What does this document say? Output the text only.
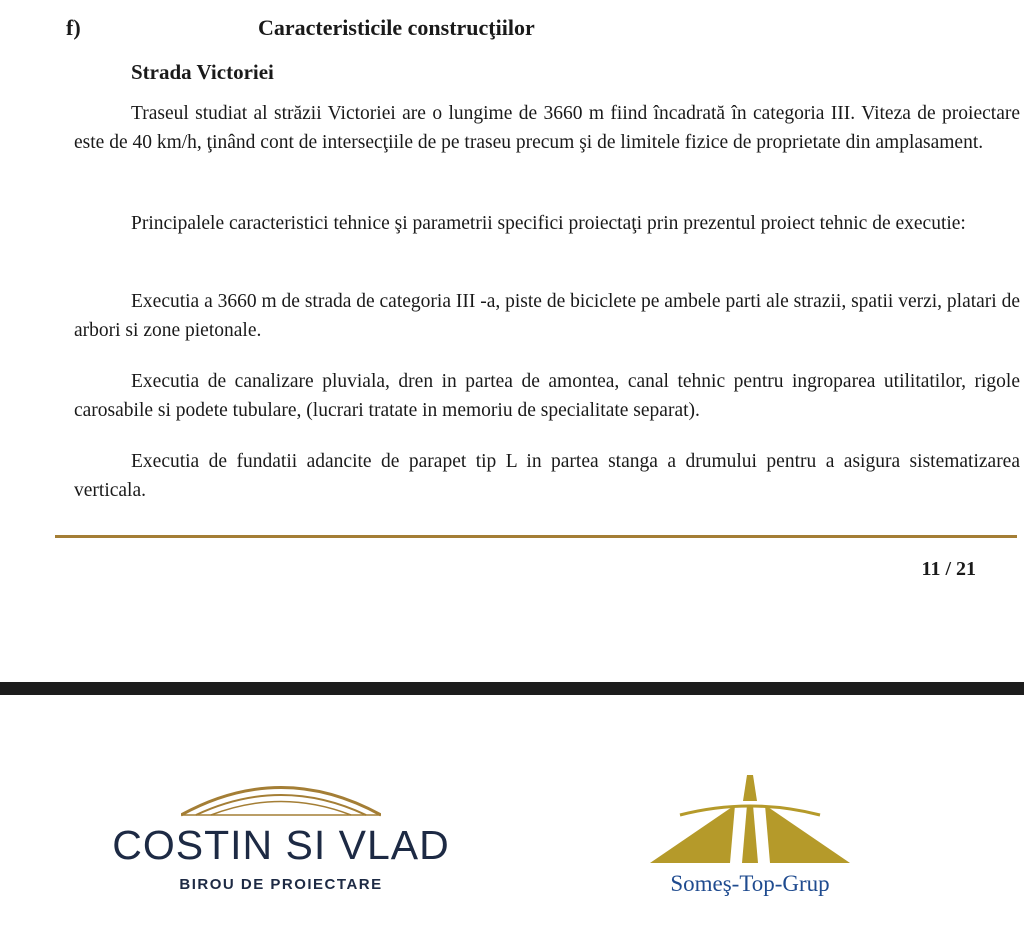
f)	Caracteristicile construcţiilor
Strada Victoriei

Traseul studiat al străzii Victoriei are o lungime de 3660 m fiind încadrată în categoria III. Viteza de proiectare este de 40 km/h, ţinând cont de intersecţiile de pe traseu precum şi de limitele fizice de proprietate din amplasament.

Principalele caracteristici tehnice şi parametrii specifici proiectaţi prin prezentul proiect tehnic de executie:

Executia a 3660 m de strada de categoria III -a, piste de biciclete pe ambele parti ale strazii, spatii verzi, platari de arbori si zone pietonale.

Executia de canalizare pluviala, dren in partea de amontea, canal tehnic pentru ingroparea utilitatilor, rigole carosabile si podete tubulare, (lucrari tratate in memoriu de specialitate separat).

Executia de fundatii adancite de parapet tip L in partea stanga a drumului pentru a asigura sistematizarea verticala.

11 / 21
COSTIN SI VLAD
BIROU DE PROIECTARE	Someş-Top-Grup
